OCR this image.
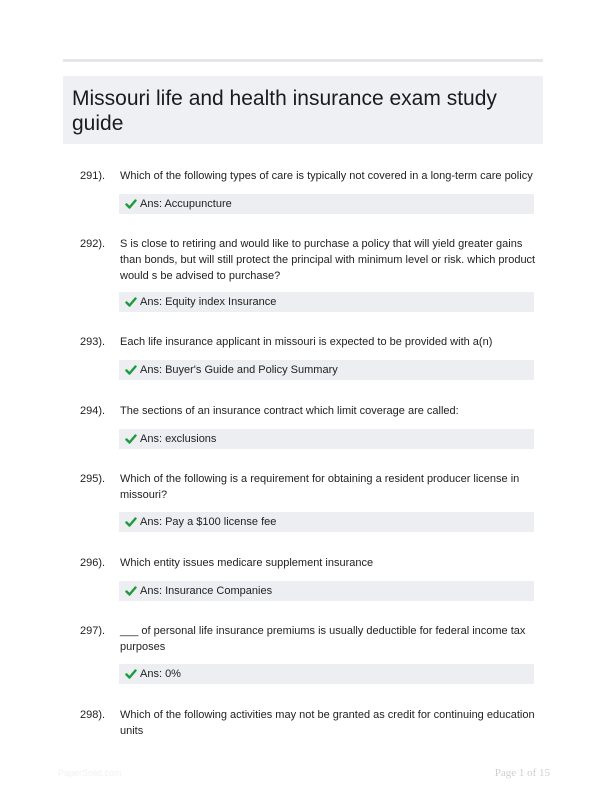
Missouri life and health insurance exam study guide
291).	Which of the following types of care is typically not covered in a long-term care policy
Ans: Accupuncture
292).	S is close to retiring and would like to purchase a policy that will yield greater gains than bonds, but will still protect the principal with minimum level or risk. which product would s be advised to purchase?
Ans: Equity index Insurance
293).	Each life insurance applicant in missouri is expected to be provided with a(n)
Ans: Buyer's Guide and Policy Summary
294).	The sections of an insurance contract which limit coverage are called:
Ans: exclusions
295).	Which of the following is a requirement for obtaining a resident producer license in missouri?
Ans: Pay a $100 license fee
296).	Which entity issues medicare supplement insurance
Ans: Insurance Companies
297).	___ of personal life insurance premiums is usually deductible for federal income tax purposes
Ans: 0%
298).	Which of the following activities may not be granted as credit for continuing education units
PaperSolid.com	Page 1 of 15
